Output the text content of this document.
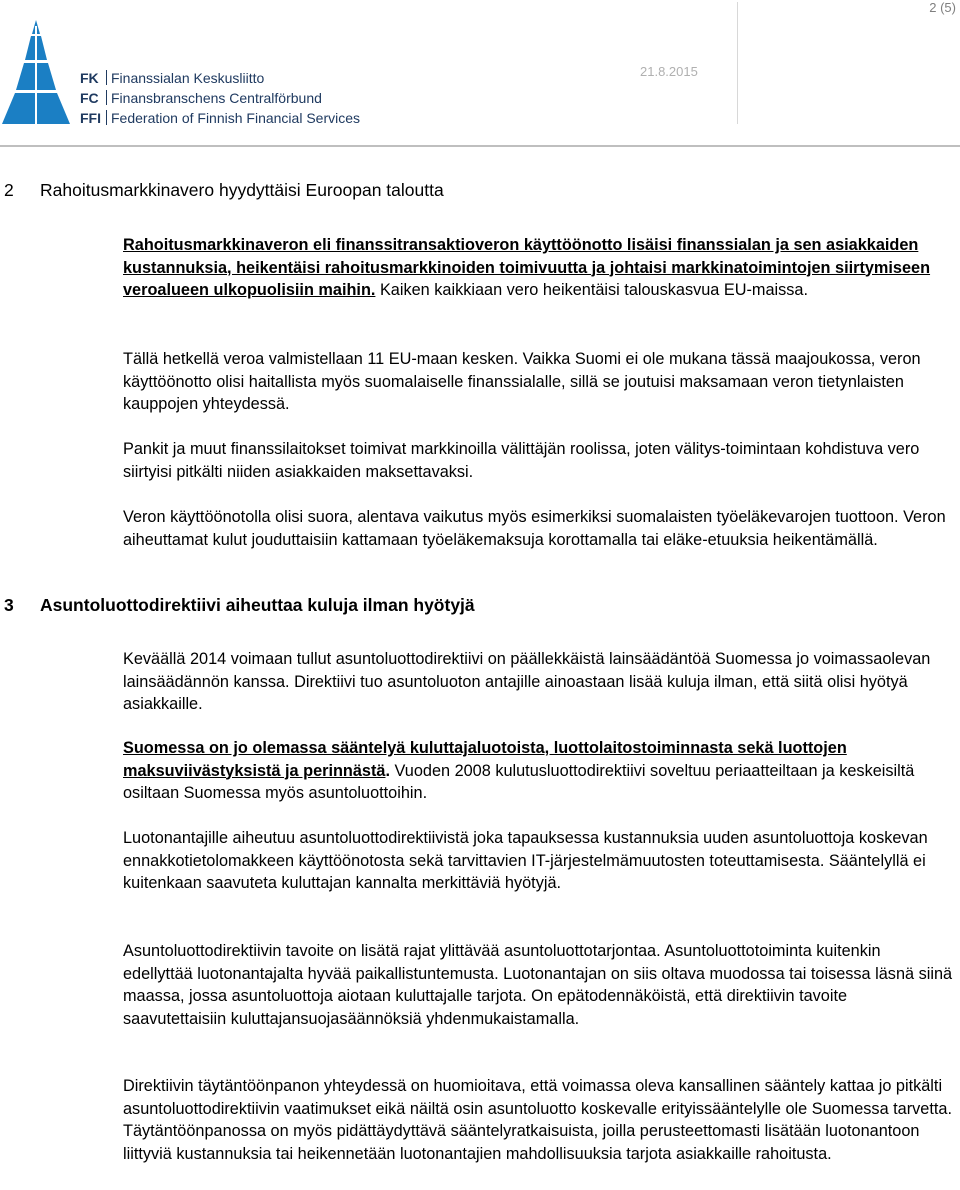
2 (5)
FK Finanssialan Keskusliitto
FC Finansbranschens Centralförbund
FFI Federation of Finnish Financial Services
21.8.2015
2 Rahoitusmarkkinavero hyydyttäisi Euroopan taloutta
Rahoitusmarkkinaveron eli finanssitransaktioveron käyttöönotto lisäisi finanssialan ja sen asiakkaiden kustannuksia, heikentäisi rahoitusmarkkinoiden toimivuutta ja johtaisi markkinatoimintojen siirtymiseen veroalueen ulkopuolisiin maihin. Kaiken kaikkiaan vero heikentäisi talouskasvua EU-maissa.
Tällä hetkellä veroa valmistellaan 11 EU-maan kesken. Vaikka Suomi ei ole mukana tässä maajoukossa, veron käyttöönotto olisi haitallista myös suomalaiselle finanssialalle, sillä se joutuisi maksamaan veron tietynlaisten kauppojen yhteydessä.
Pankit ja muut finanssilaitokset toimivat markkinoilla välittäjän roolissa, joten välitys-toimintaan kohdistuva vero siirtyisi pitkälti niiden asiakkaiden maksettavaksi.
Veron käyttöönotolla olisi suora, alentava vaikutus myös esimerkiksi suomalaisten työeläkevarojen tuottoon. Veron aiheuttamat kulut jouduttaisiin kattamaan työeläkemaksuja korottamalla tai eläke-etuuksia heikentämällä.
3 Asuntoluottodirektiivi aiheuttaa kuluja ilman hyötyjä
Keväällä 2014 voimaan tullut asuntoluottodirektiivi on päällekkäistä lainsäädäntöä Suomessa jo voimassaolevan lainsäädännön kanssa. Direktiivi tuo asuntoluoton antajille ainoastaan lisää kuluja ilman, että siitä olisi hyötyä asiakkaille.
Suomessa on jo olemassa sääntelyä kuluttajaluotoista, luottolaitostoiminnasta sekä luottojen maksuviivästyksistä ja perinnästä. Vuoden 2008 kulutusluottodirektiivi soveltuu periaatteiltaan ja keskeisiltä osiltaan Suomessa myös asuntoluottoihin.
Luotonantajille aiheutuu asuntoluottodirektiivistä joka tapauksessa kustannuksia uuden asuntoluottoja koskevan ennakkotietolomakkeen käyttöönotosta sekä tarvittavien IT-järjestelmämuutosten toteuttamisesta. Sääntelyllä ei kuitenkaan saavuteta kuluttajan kannalta merkittäviä hyötyjä.
Asuntoluottodirektiivin tavoite on lisätä rajat ylittävää asuntoluottotarjontaa. Asuntoluottotoiminta kuitenkin edellyttää luotonantajalta hyvää paikallistuntemusta. Luotonantajan on siis oltava muodossa tai toisessa läsnä siinä maassa, jossa asuntoluottoja aiotaan kuluttajalle tarjota. On epätodennäköistä, että direktiivin tavoite saavutettaisiin kuluttajansuojasäännöksiä yhdenmukaistamalla.
Direktiivin täytäntöönpanon yhteydessä on huomioitava, että voimassa oleva kansallinen sääntely kattaa jo pitkälti asuntoluottodirektiivin vaatimukset eikä näiltä osin asuntoluotto koskevalle erityissääntelylle ole Suomessa tarvetta. Täytäntöönpanossa on myös pidättäydyttävä sääntelyratkaisuista, joilla perusteettomasti lisätään luotonantoon liittyviä kustannuksia tai heikennetään luotonantajien mahdollisuuksia tarjota asiakkaille rahoitusta.
